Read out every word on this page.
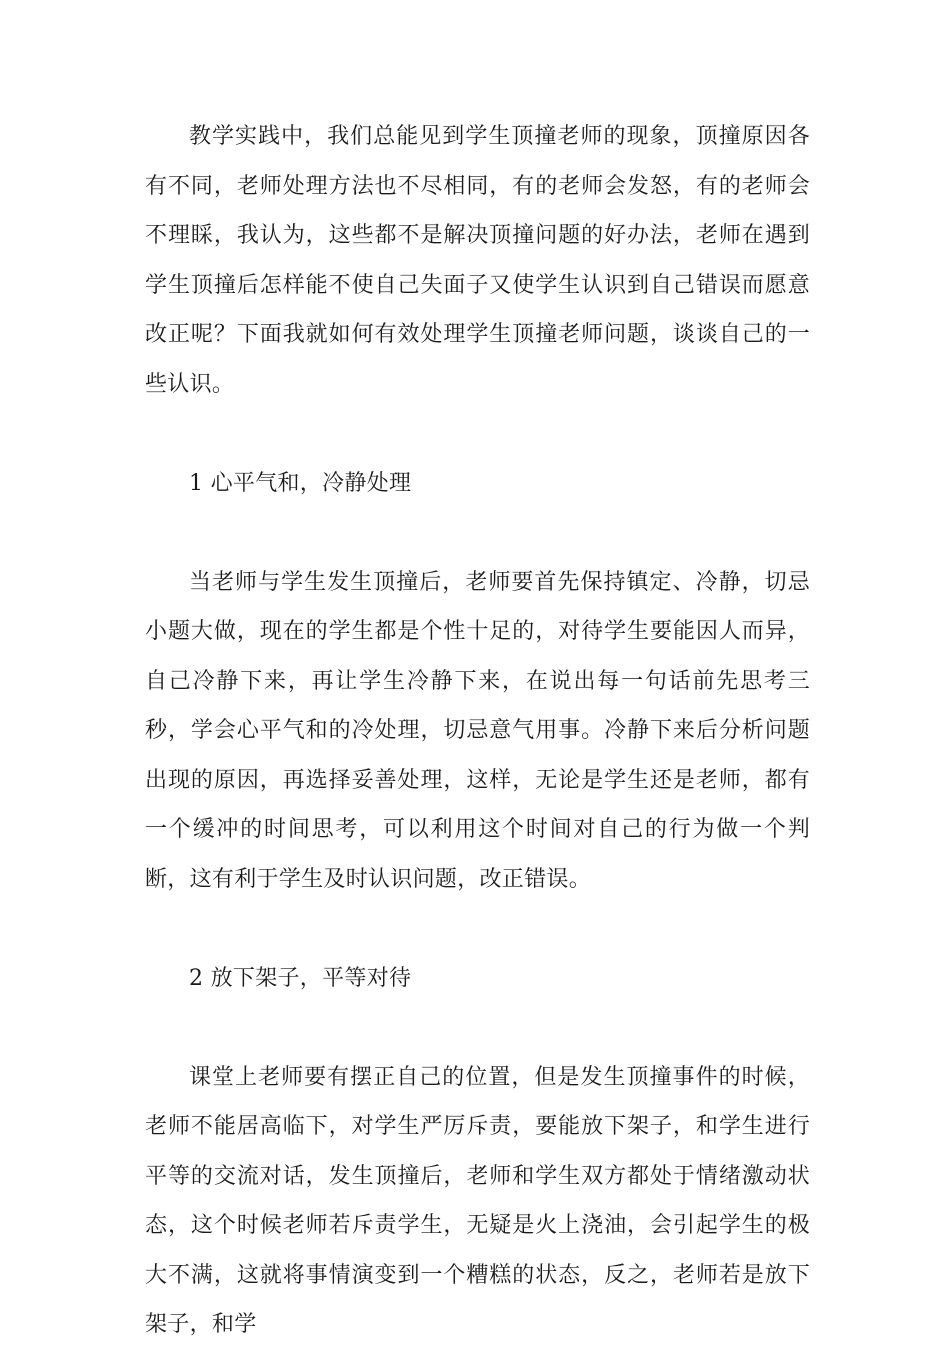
教学实践中，我们总能见到学生顶撞老师的现象，顶撞原因各有不同，老师处理方法也不尽相同，有的老师会发怒，有的老师会不理睬，我认为，这些都不是解决顶撞问题的好办法，老师在遇到学生顶撞后怎样能不使自己失面子又使学生认识到自己错误而愿意改正呢？下面我就如何有效处理学生顶撞老师问题，谈谈自己的一些认识。

1 心平气和，冷静处理

当老师与学生发生顶撞后，老师要首先保持镇定、冷静，切忌小题大做，现在的学生都是个性十足的，对待学生要能因人而异，自己冷静下来，再让学生冷静下来，在说出每一句话前先思考三秒，学会心平气和的冷处理，切忌意气用事。冷静下来后分析问题出现的原因，再选择妥善处理，这样，无论是学生还是老师，都有一个缓冲的时间思考，可以利用这个时间对自己的行为做一个判断，这有利于学生及时认识问题，改正错误。

2 放下架子，平等对待

课堂上老师要有摆正自己的位置，但是发生顶撞事件的时候，老师不能居高临下，对学生严厉斥责，要能放下架子，和学生进行平等的交流对话，发生顶撞后，老师和学生双方都处于情绪激动状态，这个时候老师若斥责学生，无疑是火上浇油，会引起学生的极大不满，这就将事情演变到一个糟糕的状态，反之，老师若是放下架子，和学
